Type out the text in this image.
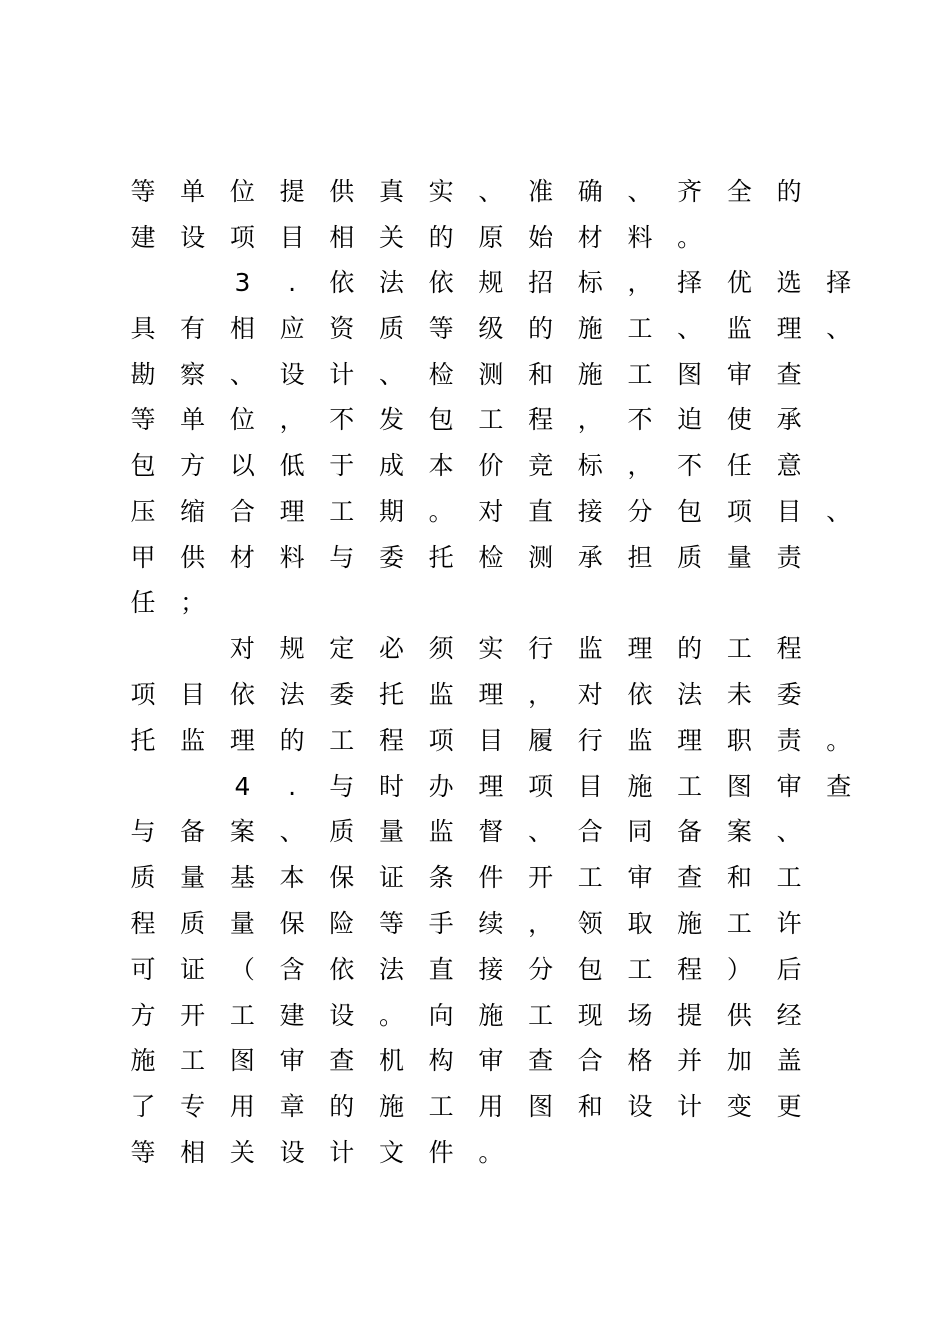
等 单 位 提 供 真 实 、 准 确 、 齐 全 的
建 设 项 目 相 关 的 原 始 材 料 。
3	.	依 法 依 规 招 标 ， 择 优 选 择
具 有 相 应 资 质 等 级 的 施 工 、 监 理 、
勘 察 、 设 计 、 检 测 和 施 工 图 审 查
等 单 位 ， 不 发 包 工 程 ， 不 迫 使 承
包 方 以 低 于 成 本 价 竞 标 ， 不 任 意
压 缩 合 理 工 期 。 对 直 接 分 包 项 目 、
甲 供 材 料 与 委 托 检 测 承 担 质 量 责
任 ；
对 规 定 必 须 实 行 监 理 的 工 程
项 目 依 法 委 托 监 理 ， 对 依 法 未 委
托 监 理 的 工 程 项 目 履 行 监 理 职 责 。
4	.	与 时 办 理 项 目 施 工 图 审 查
与 备 案 、 质 量 监 督 、 合 同 备 案 、
质 量 基 本 保 证 条 件 开 工 审 查 和 工
程 质 量 保 险 等 手 续 ， 领 取 施 工 许
可 证 （ 含 依 法 直 接 分 包 工 程 ） 后
方 开 工 建 设 。 向 施 工 现 场 提 供 经
施 工 图 审 查 机 构 审 查 合 格 并 加 盖
了 专 用 章 的 施 工 用 图 和 设 计 变 更
等 相 关 设 计 文 件 。
